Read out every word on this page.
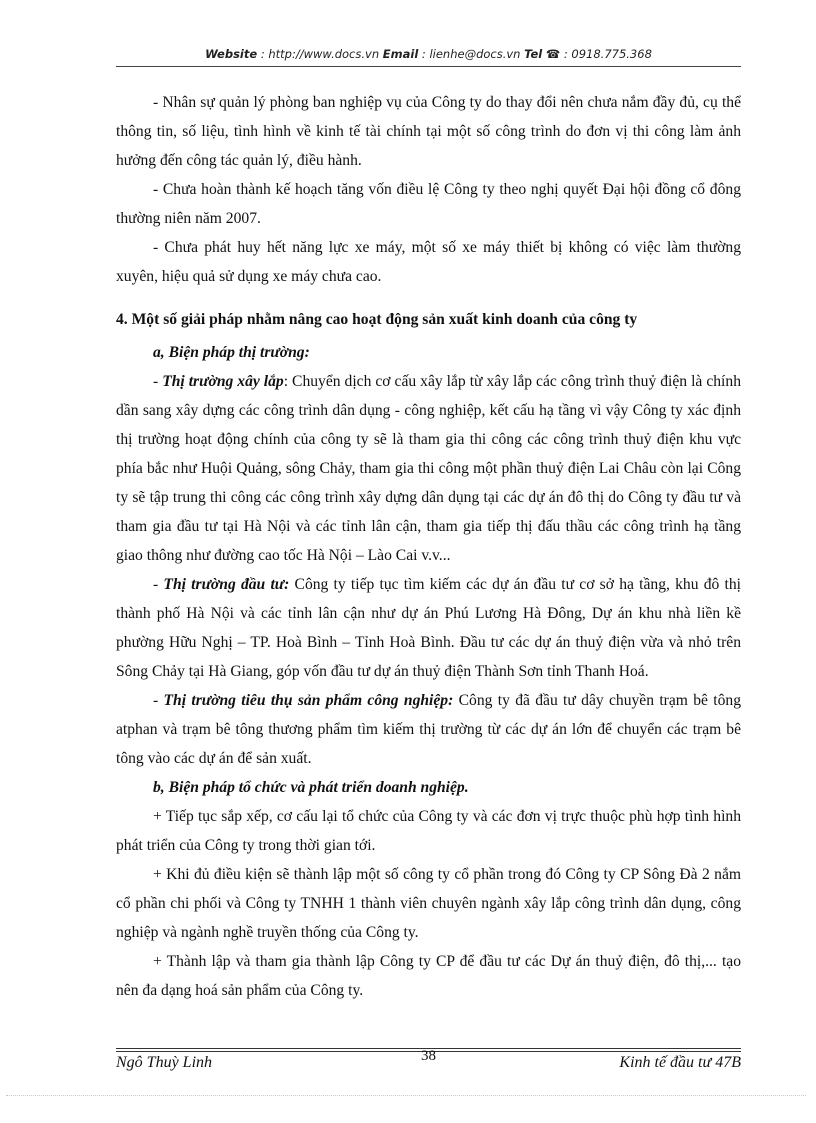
Website : http://www.docs.vn Email : lienhe@docs.vn Tel ☎ : 0918.775.368

- Nhân sự quản lý phòng ban nghiệp vụ của Công ty do thay đổi nên chưa nắm đầy đủ, cụ thể thông tin, số liệu, tình hình về kinh tế tài chính tại một số công trình do đơn vị thi công làm ảnh hưởng đến công tác quản lý, điều hành.

- Chưa hoàn thành kế hoạch tăng vốn điều lệ Công ty theo nghị quyết Đại hội đồng cổ đông thường niên năm 2007.

- Chưa phát huy hết năng lực xe máy, một số xe máy thiết bị không có việc làm thường xuyên, hiệu quả sử dụng xe máy chưa cao.

4. Một số giải pháp nhằm nâng cao hoạt động sản xuất kinh doanh của công ty

a, Biện pháp thị trường:

- Thị trường xây lắp: Chuyển dịch cơ cấu xây lắp từ xây lắp các công trình thuỷ điện là chính dần sang xây dựng các công trình dân dụng - công nghiệp, kết cấu hạ tầng vì vậy Công ty xác định thị trường hoạt động chính của công ty sẽ là tham gia thi công các công trình thuỷ điện khu vực phía bắc như Huội Quảng, sông Chảy, tham gia thi công một phần thuỷ điện Lai Châu còn lại Công ty sẽ tập trung thi công các công trình xây dựng dân dụng tại các dự án đô thị do Công ty đầu tư và tham gia đầu tư tại Hà Nội và các tỉnh lân cận, tham gia tiếp thị đấu thầu các công trình hạ tầng giao thông như đường cao tốc Hà Nội – Lào Cai v.v...

- Thị trường đầu tư: Công ty tiếp tục tìm kiếm các dự án đầu tư cơ sở hạ tầng, khu đô thị thành phố Hà Nội và các tỉnh lân cận như dự án Phú Lương Hà Đông, Dự án khu nhà liền kề phường Hữu Nghị – TP. Hoà Bình – Tỉnh Hoà Bình. Đầu tư các dự án thuỷ điện vừa và nhỏ trên Sông Chảy tại Hà Giang, góp vốn đầu tư dự án thuỷ điện Thành Sơn tỉnh Thanh Hoá.

- Thị trường tiêu thụ sản phẩm công nghiệp: Công ty đã đầu tư dây chuyền trạm bê tông atphan và trạm bê tông thương phẩm tìm kiếm thị trường từ các dự án lớn để chuyển các trạm bê tông vào các dự án để sản xuất.

b, Biện pháp tổ chức và phát triển doanh nghiệp.

+ Tiếp tục sắp xếp, cơ cấu lại tổ chức của Công ty và các đơn vị trực thuộc phù hợp tình hình phát triển của Công ty trong thời gian tới.

+ Khi đủ điều kiện sẽ thành lập một số công ty cổ phần trong đó Công ty CP Sông Đà 2 nắm cổ phần chi phối và Công ty TNHH 1 thành viên chuyên ngành xây lắp công trình dân dụng, công nghiệp và ngành nghề truyền thống của Công ty.

+ Thành lập và tham gia thành lập Công ty CP để đầu tư các Dự án thuỷ điện, đô thị,... tạo nên đa dạng hoá sản phẩm của Công ty.

Ngô Thuỳ Linh	38	Kinh tế đầu tư 47B
